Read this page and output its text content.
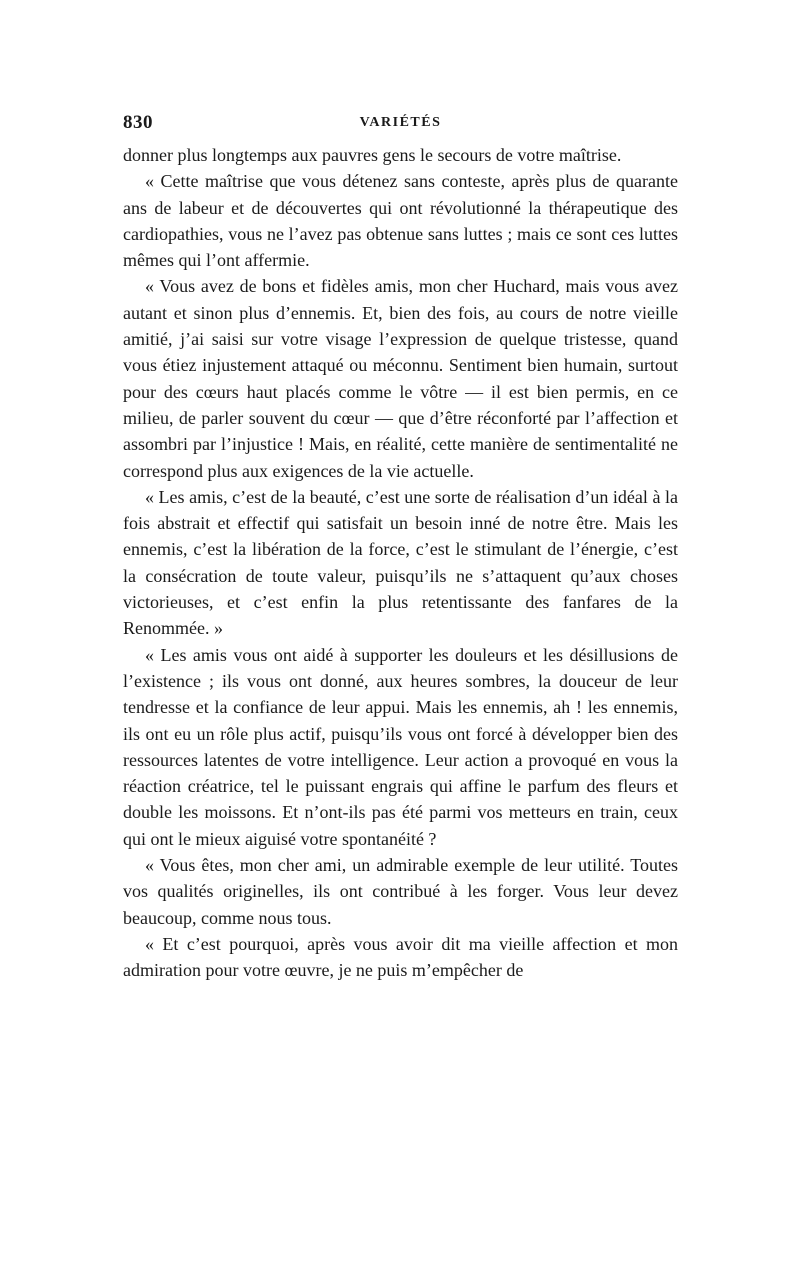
830	VARIÉTÉS

donner plus longtemps aux pauvres gens le secours de votre maîtrise.

« Cette maîtrise que vous détenez sans conteste, après plus de quarante ans de labeur et de découvertes qui ont révolutionné la thérapeutique des cardiopathies, vous ne l’avez pas obtenue sans luttes ; mais ce sont ces luttes mêmes qui l’ont affermie.

« Vous avez de bons et fidèles amis, mon cher Huchard, mais vous avez autant et sinon plus d’ennemis. Et, bien des fois, au cours de notre vieille amitié, j’ai saisi sur votre visage l’expression de quelque tristesse, quand vous étiez injustement attaqué ou méconnu. Sentiment bien humain, surtout pour des cœurs haut placés comme le vôtre — il est bien permis, en ce milieu, de parler souvent du cœur — que d’être réconforté par l’affection et assombri par l’injustice ! Mais, en réalité, cette manière de sentimentalité ne correspond plus aux exigences de la vie actuelle.

« Les amis, c’est de la beauté, c’est une sorte de réalisation d’un idéal à la fois abstrait et effectif qui satisfait un besoin inné de notre être. Mais les ennemis, c’est la libération de la force, c’est le stimulant de l’énergie, c’est la consécration de toute valeur, puisqu’ils ne s’attaquent qu’aux choses victorieuses, et c’est enfin la plus retentissante des fanfares de la Renommée. »

« Les amis vous ont aidé à supporter les douleurs et les désillusions de l’existence ; ils vous ont donné, aux heures sombres, la douceur de leur tendresse et la confiance de leur appui. Mais les ennemis, ah ! les ennemis, ils ont eu un rôle plus actif, puisqu’ils vous ont forcé à développer bien des ressources latentes de votre intelligence. Leur action a provoqué en vous la réaction créatrice, tel le puissant engrais qui affine le parfum des fleurs et double les moissons. Et n’ont-ils pas été parmi vos metteurs en train, ceux qui ont le mieux aiguisé votre spontanéité ?

« Vous êtes, mon cher ami, un admirable exemple de leur utilité. Toutes vos qualités originelles, ils ont contribué à les forger. Vous leur devez beaucoup, comme nous tous.

« Et c’est pourquoi, après vous avoir dit ma vieille affection et mon admiration pour votre œuvre, je ne puis m’empêcher de
